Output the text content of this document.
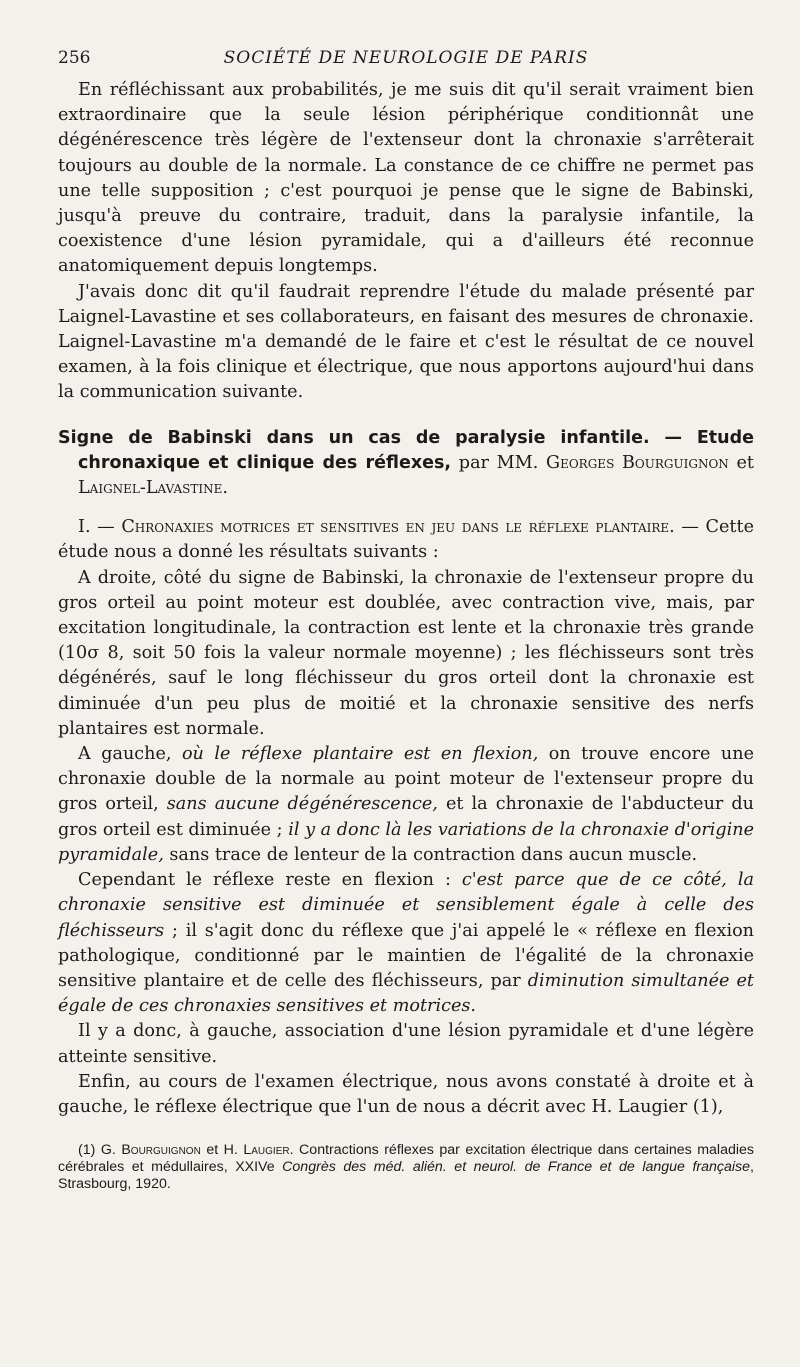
256	SOCIÉTÉ DE NEUROLOGIE DE PARIS

En réfléchissant aux probabilités, je me suis dit qu'il serait vraiment bien extraordinaire que la seule lésion périphérique conditionnât une dégénérescence très légère de l'extenseur dont la chronaxie s'arrêterait toujours au double de la normale. La constance de ce chiffre ne permet pas une telle supposition ; c'est pourquoi je pense que le signe de Babinski, jusqu'à preuve du contraire, traduit, dans la paralysie infantile, la coexistence d'une lésion pyramidale, qui a d'ailleurs été reconnue anatomiquement depuis longtemps.

J'avais donc dit qu'il faudrait reprendre l'étude du malade présenté par Laignel-Lavastine et ses collaborateurs, en faisant des mesures de chronaxie. Laignel-Lavastine m'a demandé de le faire et c'est le résultat de ce nouvel examen, à la fois clinique et électrique, que nous apportons aujourd'hui dans la communication suivante.

Signe de Babinski dans un cas de paralysie infantile. — Etude chronaxique et clinique des réflexes, par MM. Georges Bourguignon et Laignel-Lavastine.

I. — Chronaxies motrices et sensitives en jeu dans le réflexe plantaire. — Cette étude nous a donné les résultats suivants :

A droite, côté du signe de Babinski, la chronaxie de l'extenseur propre du gros orteil au point moteur est doublée, avec contraction vive, mais, par excitation longitudinale, la contraction est lente et la chronaxie très grande (10σ 8, soit 50 fois la valeur normale moyenne) ; les fléchisseurs sont très dégénérés, sauf le long fléchisseur du gros orteil dont la chronaxie est diminuée d'un peu plus de moitié et la chronaxie sensitive des nerfs plantaires est normale.

A gauche, où le réflexe plantaire est en flexion, on trouve encore une chronaxie double de la normale au point moteur de l'extenseur propre du gros orteil, sans aucune dégénérescence, et la chronaxie de l'abducteur du gros orteil est diminuée ; il y a donc là les variations de la chronaxie d'origine pyramidale, sans trace de lenteur de la contraction dans aucun muscle.

Cependant le réflexe reste en flexion : c'est parce que de ce côté, la chronaxie sensitive est diminuée et sensiblement égale à celle des fléchisseurs ; il s'agit donc du réflexe que j'ai appelé le « réflexe en flexion pathologique, conditionné par le maintien de l'égalité de la chronaxie sensitive plantaire et de celle des fléchisseurs, par diminution simultanée et égale de ces chronaxies sensitives et motrices.

Il y a donc, à gauche, association d'une lésion pyramidale et d'une légère atteinte sensitive.

Enfin, au cours de l'examen électrique, nous avons constaté à droite et à gauche, le réflexe électrique que l'un de nous a décrit avec H. Laugier (1),

(1) G. Bourguignon et H. Laugier. Contractions réflexes par excitation électrique dans certaines maladies cérébrales et médullaires, XXIVe Congrès des méd. alién. et neurol. de France et de langue française, Strasbourg, 1920.
